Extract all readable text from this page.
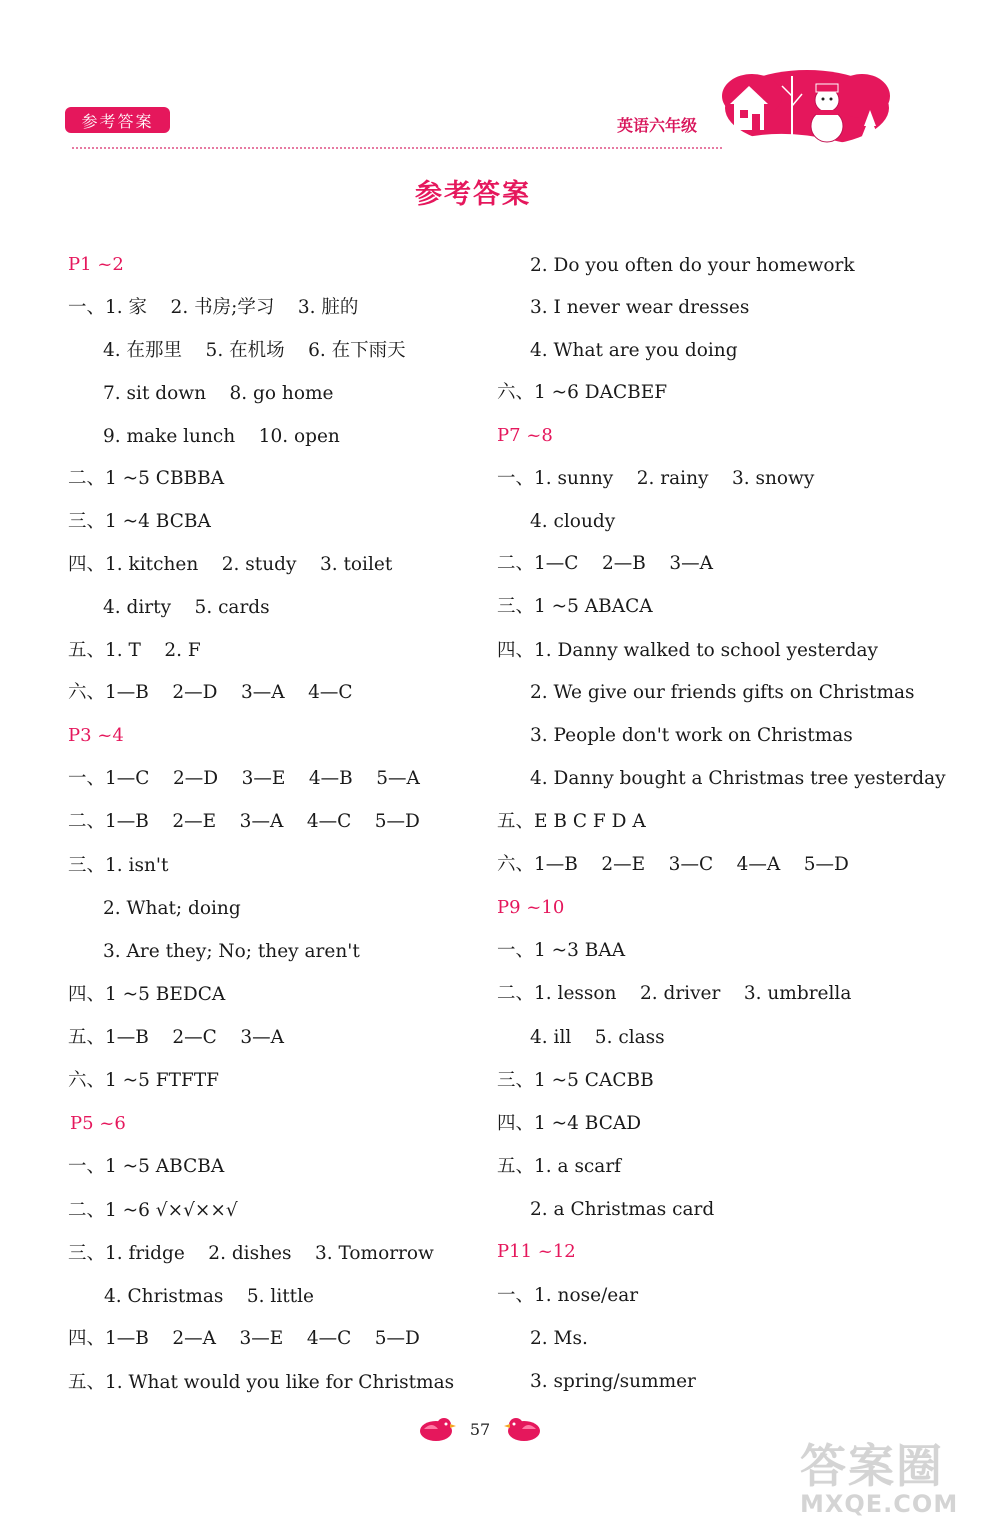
参考答案	英语六年级
参考答案
P1 ~2
一、1. 家    2. 书房;学习    3. 脏的
4. 在那里    5. 在机场    6. 在下雨天
7. sit down    8. go home
9. make lunch    10. open
二、1 ~5 CBBBA
三、1 ~4 BCBA
四、1. kitchen    2. study    3. toilet
4. dirty    5. cards
五、1. T    2. F
六、1—B    2—D    3—A    4—C
P3 ~4
一、1—C    2—D    3—E    4—B    5—A
二、1—B    2—E    3—A    4—C    5—D
三、1. isn't
2. What; doing
3. Are they; No; they aren't
四、1 ~5 BEDCA
五、1—B    2—C    3—A
六、1 ~5 FTFTF
P5 ~6
一、1 ~5 ABCBA
二、1 ~6 √×√××√
三、1. fridge    2. dishes    3. Tomorrow
4. Christmas    5. little
四、1—B    2—A    3—E    4—C    5—D
五、1. What would you like for Christmas
2. Do you often do your homework
3. I never wear dresses
4. What are you doing
六、1 ~6 DACBEF
P7 ~8
一、1. sunny    2. rainy    3. snowy
4. cloudy
二、1—C    2—B    3—A
三、1 ~5 ABACA
四、1. Danny walked to school yesterday
2. We give our friends gifts on Christmas
3. People don't work on Christmas
4. Danny bought a Christmas tree yesterday
五、E B C F D A
六、1—B    2—E    3—C    4—A    5—D
P9 ~10
一、1 ~3 BAA
二、1. lesson    2. driver    3. umbrella
4. ill    5. class
三、1 ~5 CACBB
四、1 ~4 BCAD
五、1. a scarf
2. a Christmas card
P11 ~12
一、1. nose/ear
2. Ms.
3. spring/summer
57
答案圈
MXQE.COM
